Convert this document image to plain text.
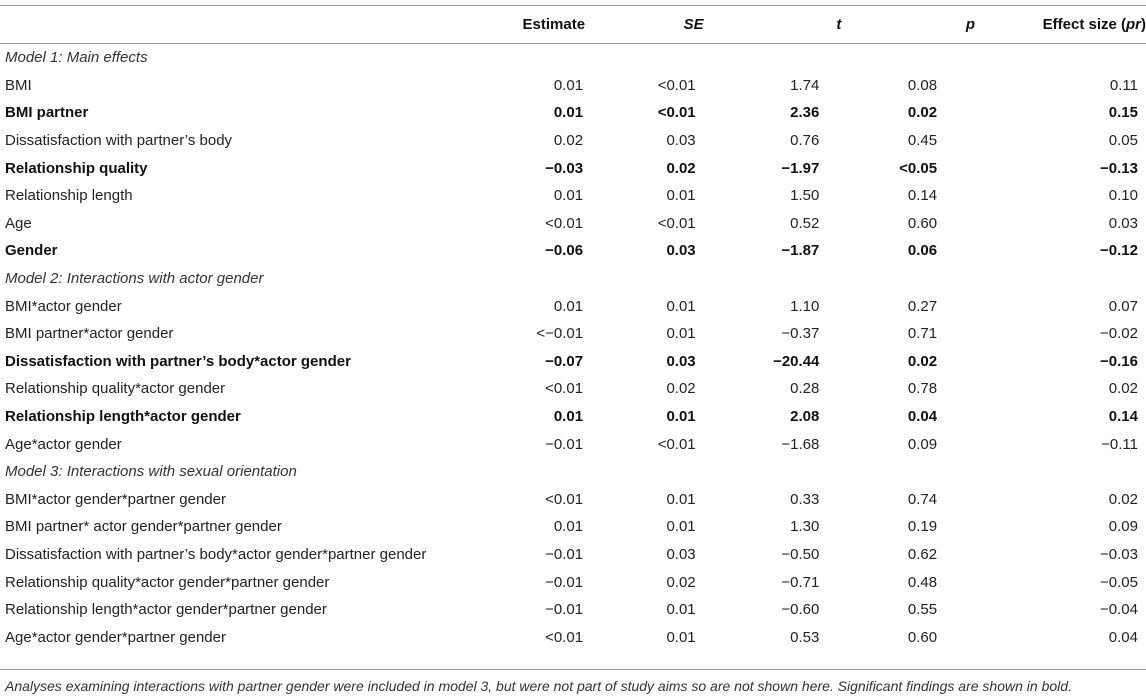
	Estimate	SE	t	p	Effect size (pr)
Model 1: Main effects					
BMI	0.01	<0.01	1.74	0.08	0.11
BMI partner	0.01	<0.01	2.36	0.02	0.15
Dissatisfaction with partner’s body	0.02	0.03	0.76	0.45	0.05
Relationship quality	−0.03	0.02	−1.97	<0.05	−0.13
Relationship length	0.01	0.01	1.50	0.14	0.10
Age	<0.01	<0.01	0.52	0.60	0.03
Gender	−0.06	0.03	−1.87	0.06	−0.12
Model 2: Interactions with actor gender					
BMI*actor gender	0.01	0.01	1.10	0.27	0.07
BMI partner*actor gender	<−0.01	0.01	−0.37	0.71	−0.02
Dissatisfaction with partner’s body*actor gender	−0.07	0.03	−20.44	0.02	−0.16
Relationship quality*actor gender	<0.01	0.02	0.28	0.78	0.02
Relationship length*actor gender	0.01	0.01	2.08	0.04	0.14
Age*actor gender	−0.01	<0.01	−1.68	0.09	−0.11
Model 3: Interactions with sexual orientation					
BMI*actor gender*partner gender	<0.01	0.01	0.33	0.74	0.02
BMI partner* actor gender*partner gender	0.01	0.01	1.30	0.19	0.09
Dissatisfaction with partner’s body*actor gender*partner gender	−0.01	0.03	−0.50	0.62	−0.03
Relationship quality*actor gender*partner gender	−0.01	0.02	−0.71	0.48	−0.05
Relationship length*actor gender*partner gender	−0.01	0.01	−0.60	0.55	−0.04
Age*actor gender*partner gender	<0.01	0.01	0.53	0.60	0.04
Analyses examining interactions with partner gender were included in model 3, but were not part of study aims so are not shown here. Significant findings are shown in bold.
